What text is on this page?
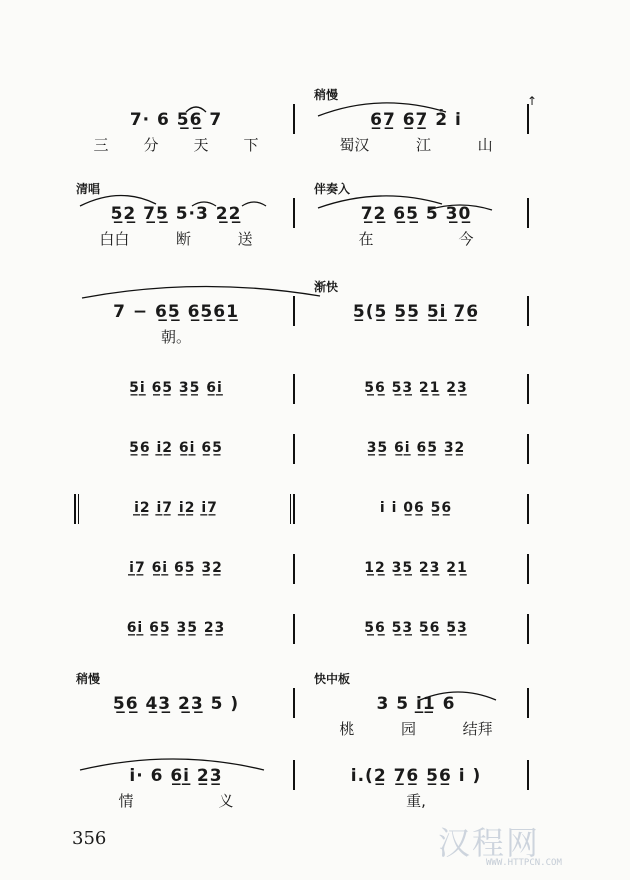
7· 6 5̲6̲ 7	6̲7̲ 6̲7̲ 2̇ i̇
稍慢
三 分 天 下	蜀汉	江	山
5̲2̲ 7̲5̲ 5·3 2̲2̲	7̲2̲ 6̲5̲ 5 3̲0̲
清唱	伴奏入
白白	断	送	在	今
7 − 6̲5̲ 6̲5̲6̲1̲	5̲(5̲ 5̲5̲ 5̲i̲ 7̲6̲
渐快
朝。
5̲i̲ 6̲5̲ 3̲5̲ 6̲i̲	5̲6̲ 5̲3̲ 2̲1̲ 2̲3̲
5̲6̲ i̲2̲ 6̲i̲ 6̲5̲	3̲5̲ 6̲i̲ 6̲5̲ 3̲2̲
i̲2̲ i̲7̲ i̲2̲ i̲7̲	i i 0̲6̲ 5̲6̲
i̲7̲ 6̲i̲ 6̲5̲ 3̲2̲	1̲2̲ 3̲5̲ 2̲3̲ 2̲1̲
6̲i̲ 6̲5̲ 3̲5̲ 2̲3̲	5̲6̲ 5̲3̲ 5̲6̲ 5̲3̲
5̲6̲ 4̲3̲ 2̲3̲ 5 )	3 5 i̲1̲ 6
稍慢	快中板
桃	园	结拜
i· 6 6̲i̲ 2̲3̲	i.(2̲ 7̲6̲ 5̲6̲ i )
情	义	重,
↑
356	汉程网
WWW.HTTPCN.COM
